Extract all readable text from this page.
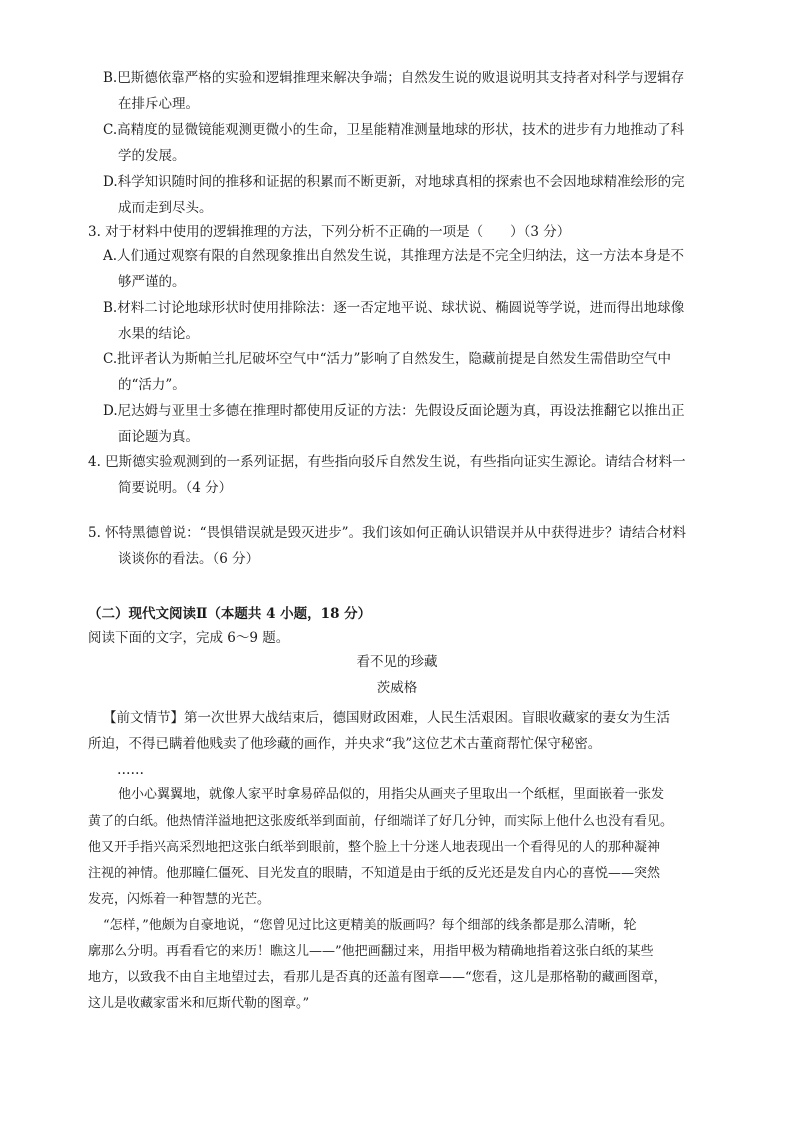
B.巴斯德依靠严格的实验和逻辑推理来解决争端；自然发生说的败退说明其支持者对科学与逻辑存
在排斥心理。
C.高精度的显微镜能观测更微小的生命，卫星能精准测量地球的形状，技术的进步有力地推动了科
学的发展。
D.科学知识随时间的推移和证据的积累而不断更新，对地球真相的探索也不会因地球精准绘形的完
成而走到尽头。
3. 对于材料中使用的逻辑推理的方法，下列分析不正确的一项是（　　）（3 分）
A.人们通过观察有限的自然现象推出自然发生说，其推理方法是不完全归纳法，这一方法本身是不
够严谨的。
B.材料二讨论地球形状时使用排除法：逐一否定地平说、球状说、椭圆说等学说，进而得出地球像
水果的结论。
C.批评者认为斯帕兰扎尼破坏空气中“活力”影响了自然发生，隐藏前提是自然发生需借助空气中
的“活力”。
D.尼达姆与亚里士多德在推理时都使用反证的方法：先假设反面论题为真，再设法推翻它以推出正
面论题为真。
4. 巴斯德实验观测到的一系列证据，有些指向驳斥自然发生说，有些指向证实生源论。请结合材料一
简要说明。（4 分）
5. 怀特黑德曾说：“畏惧错误就是毁灭进步”。我们该如何正确认识错误并从中获得进步？请结合材料
谈谈你的看法。（6 分）
（二）现代文阅读Ⅱ（本题共 4 小题，18 分）
阅读下面的文字，完成 6～9 题。
看不见的珍藏
茨威格
【前文情节】第一次世界大战结束后，德国财政困难，人民生活艰困。盲眼收藏家的妻女为生活
所迫，不得已瞒着他贱卖了他珍藏的画作，并央求“我”这位艺术古董商帮忙保守秘密。
……
他小心翼翼地，就像人家平时拿易碎品似的，用指尖从画夹子里取出一个纸框，里面嵌着一张发
黄了的白纸。他热情洋溢地把这张废纸举到面前，仔细端详了好几分钟，而实际上他什么也没有看见。
他又开手指兴高采烈地把这张白纸举到眼前，整个脸上十分迷人地表现出一个看得见的人的那种凝神
注视的神情。他那瞳仁僵死、目光发直的眼睛，不知道是由于纸的反光还是发自内心的喜悦——突然
发亮，闪烁着一种智慧的光芒。
“怎样，”他颇为自豪地说，“您曾见过比这更精美的版画吗？每个细部的线条都是那么清晰，轮
廓那么分明。再看看它的来历！瞧这儿——”他把画翻过来，用指甲极为精确地指着这张白纸的某些
地方，以致我不由自主地望过去，看那儿是否真的还盖有图章——“您看，这儿是那格勒的藏画图章，
这儿是收藏家雷米和厄斯代勒的图章。”
